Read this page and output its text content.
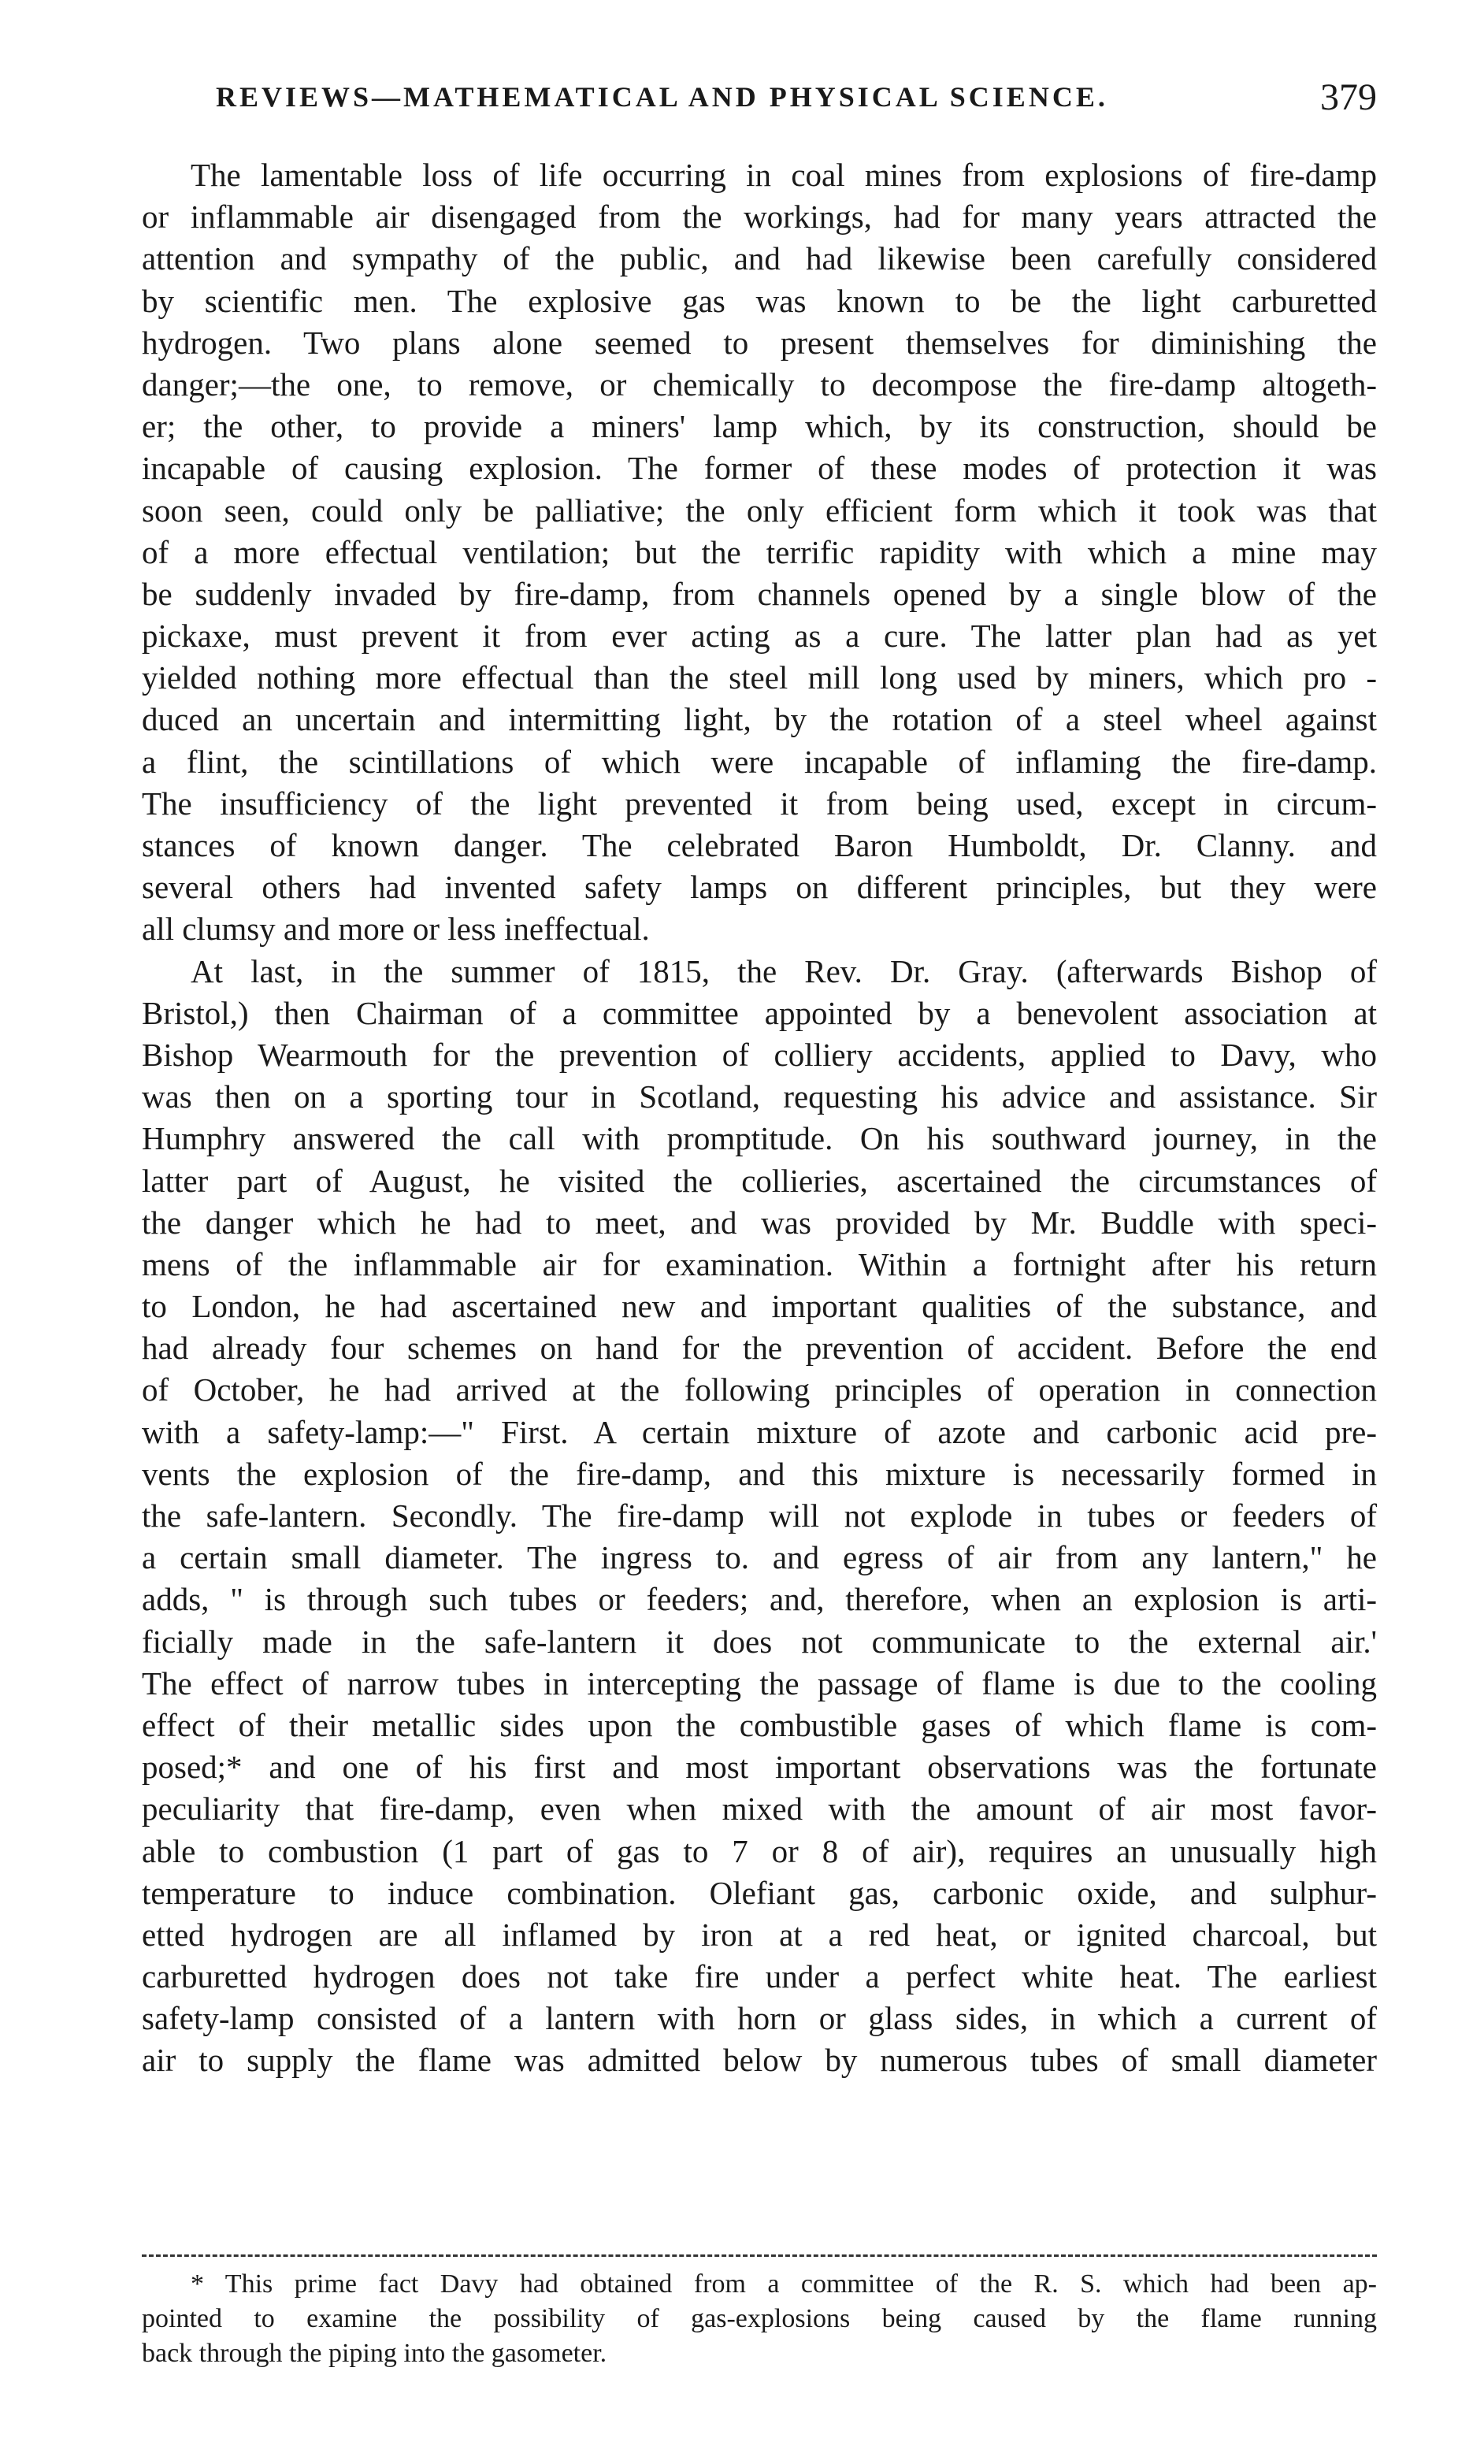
REVIEWS—MATHEMATICAL AND PHYSICAL SCIENCE.	379
The lamentable loss of life occurring in coal mines from explosions of fire-damp
or inflammable air disengaged from the workings, had for many years attracted the
attention and sympathy of the public, and had likewise been carefully considered
by scientific men. The explosive gas was known to be the light carburetted
hydrogen. Two plans alone seemed to present themselves for diminishing the
danger;—the one, to remove, or chemically to decompose the fire-damp altogeth-
er; the other, to provide a miners' lamp which, by its construction, should be
incapable of causing explosion. The former of these modes of protection it was
soon seen, could only be palliative; the only efficient form which it took was that
of a more effectual ventilation; but the terrific rapidity with which a mine may
be suddenly invaded by fire-damp, from channels opened by a single blow of the
pickaxe, must prevent it from ever acting as a cure. The latter plan had as yet
yielded nothing more effectual than the steel mill long used by miners, which pro -
duced an uncertain and intermitting light, by the rotation of a steel wheel against
a flint, the scintillations of which were incapable of inflaming the fire-damp.
The insufficiency of the light prevented it from being used, except in circum-
stances of known danger. The celebrated Baron Humboldt, Dr. Clanny. and
several others had invented safety lamps on different principles, but they were
all clumsy and more or less ineffectual.
At last, in the summer of 1815, the Rev. Dr. Gray. (afterwards Bishop of
Bristol,) then Chairman of a committee appointed by a benevolent association at
Bishop Wearmouth for the prevention of colliery accidents, applied to Davy, who
was then on a sporting tour in Scotland, requesting his advice and assistance. Sir
Humphry answered the call with promptitude. On his southward journey, in the
latter part of August, he visited the collieries, ascertained the circumstances of
the danger which he had to meet, and was provided by Mr. Buddle with speci-
mens of the inflammable air for examination. Within a fortnight after his return
to London, he had ascertained new and important qualities of the substance, and
had already four schemes on hand for the prevention of accident. Before the end
of October, he had arrived at the following principles of operation in connection
with a safety-lamp:—" First. A certain mixture of azote and carbonic acid pre-
vents the explosion of the fire-damp, and this mixture is necessarily formed in
the safe-lantern. Secondly. The fire-damp will not explode in tubes or feeders of
a certain small diameter. The ingress to. and egress of air from any lantern," he
adds, " is through such tubes or feeders; and, therefore, when an explosion is arti-
ficially made in the safe-lantern it does not communicate to the external air.'
The effect of narrow tubes in intercepting the passage of flame is due to the cooling
effect of their metallic sides upon the combustible gases of which flame is com-
posed;* and one of his first and most important observations was the fortunate
peculiarity that fire-damp, even when mixed with the amount of air most favor-
able to combustion (1 part of gas to 7 or 8 of air), requires an unusually high
temperature to induce combination. Olefiant gas, carbonic oxide, and sulphur-
etted hydrogen are all inflamed by iron at a red heat, or ignited charcoal, but
carburetted hydrogen does not take fire under a perfect white heat. The earliest
safety-lamp consisted of a lantern with horn or glass sides, in which a current of
air to supply the flame was admitted below by numerous tubes of small diameter
* This prime fact Davy had obtained from a committee of the R. S. which had been ap-
pointed to examine the possibility of gas-explosions being caused by the flame running
back through the piping into the gasometer.
